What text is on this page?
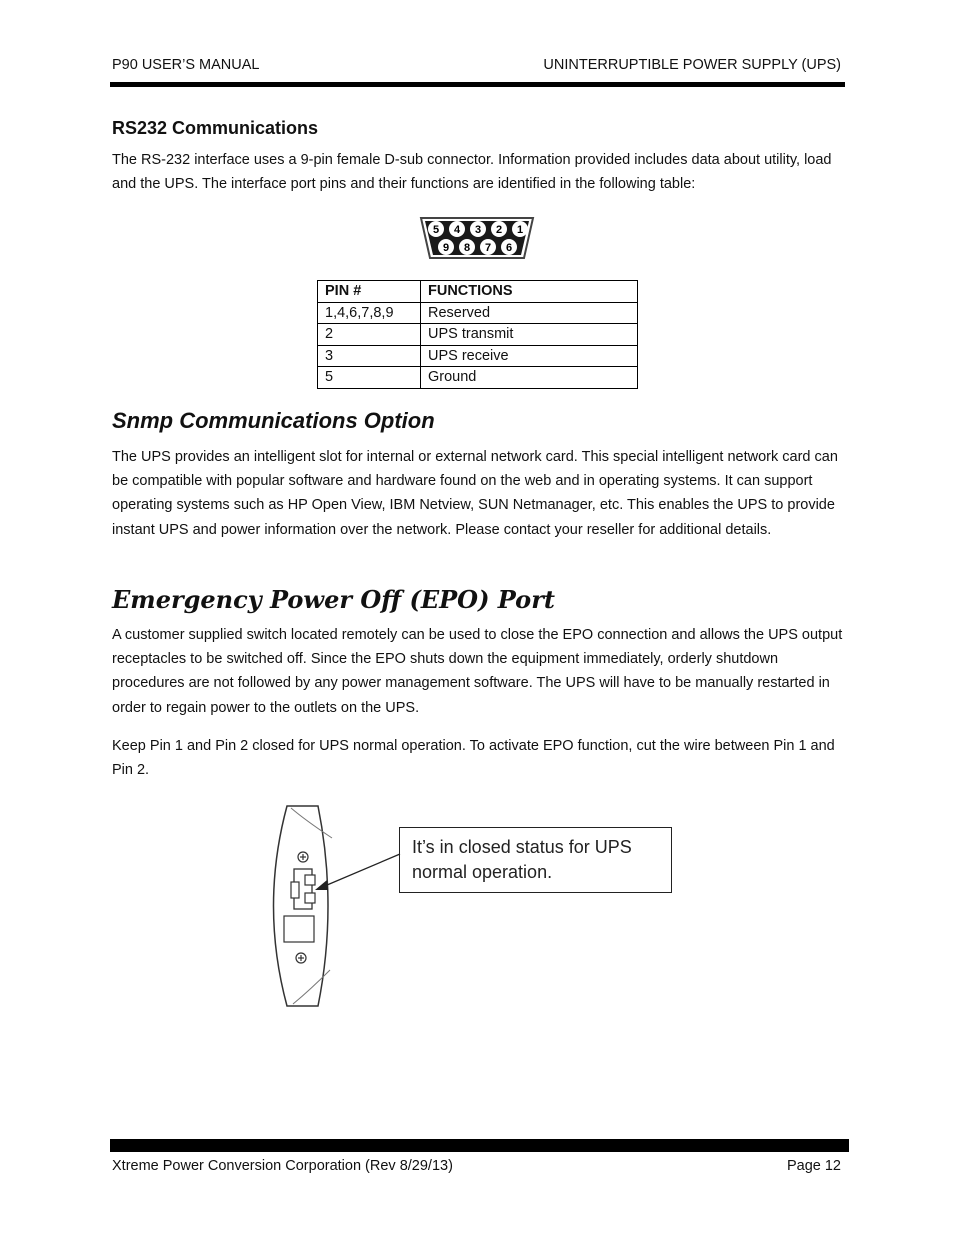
P90 USER’S MANUAL	UNINTERRUPTIBLE POWER SUPPLY (UPS)
RS232 Communications

The RS-232 interface uses a 9-pin female D-sub connector. Information provided includes data about utility, load and the UPS. The interface port pins and their functions are identified in the following table:

5 4 3 2 1
9 8 7 6
PIN #	FUNCTIONS
1,4,6,7,8,9	Reserved
2	UPS transmit
3	UPS receive
5	Ground
Snmp Communications Option

The UPS provides an intelligent slot for internal or external network card. This special intelligent network card can be compatible with popular software and hardware found on the web and in operating systems. It can support operating systems such as HP Open View, IBM Netview, SUN Netmanager, etc. This enables the UPS to provide instant UPS and power information over the network. Please contact your reseller for additional details.

Emergency Power Off (EPO) Port

A customer supplied switch located remotely can be used to close the EPO connection and allows the UPS output receptacles to be switched off. Since the EPO shuts down the equipment immediately, orderly shutdown procedures are not followed by any power management software. The UPS will have to be manually restarted in order to regain power to the outlets on the UPS.

Keep Pin 1 and Pin 2 closed for UPS normal operation. To activate EPO function, cut the wire between Pin 1 and Pin 2.

It’s in closed status for UPS
normal operation.
Xtreme Power Conversion Corporation (Rev 8/29/13)	Page 12
